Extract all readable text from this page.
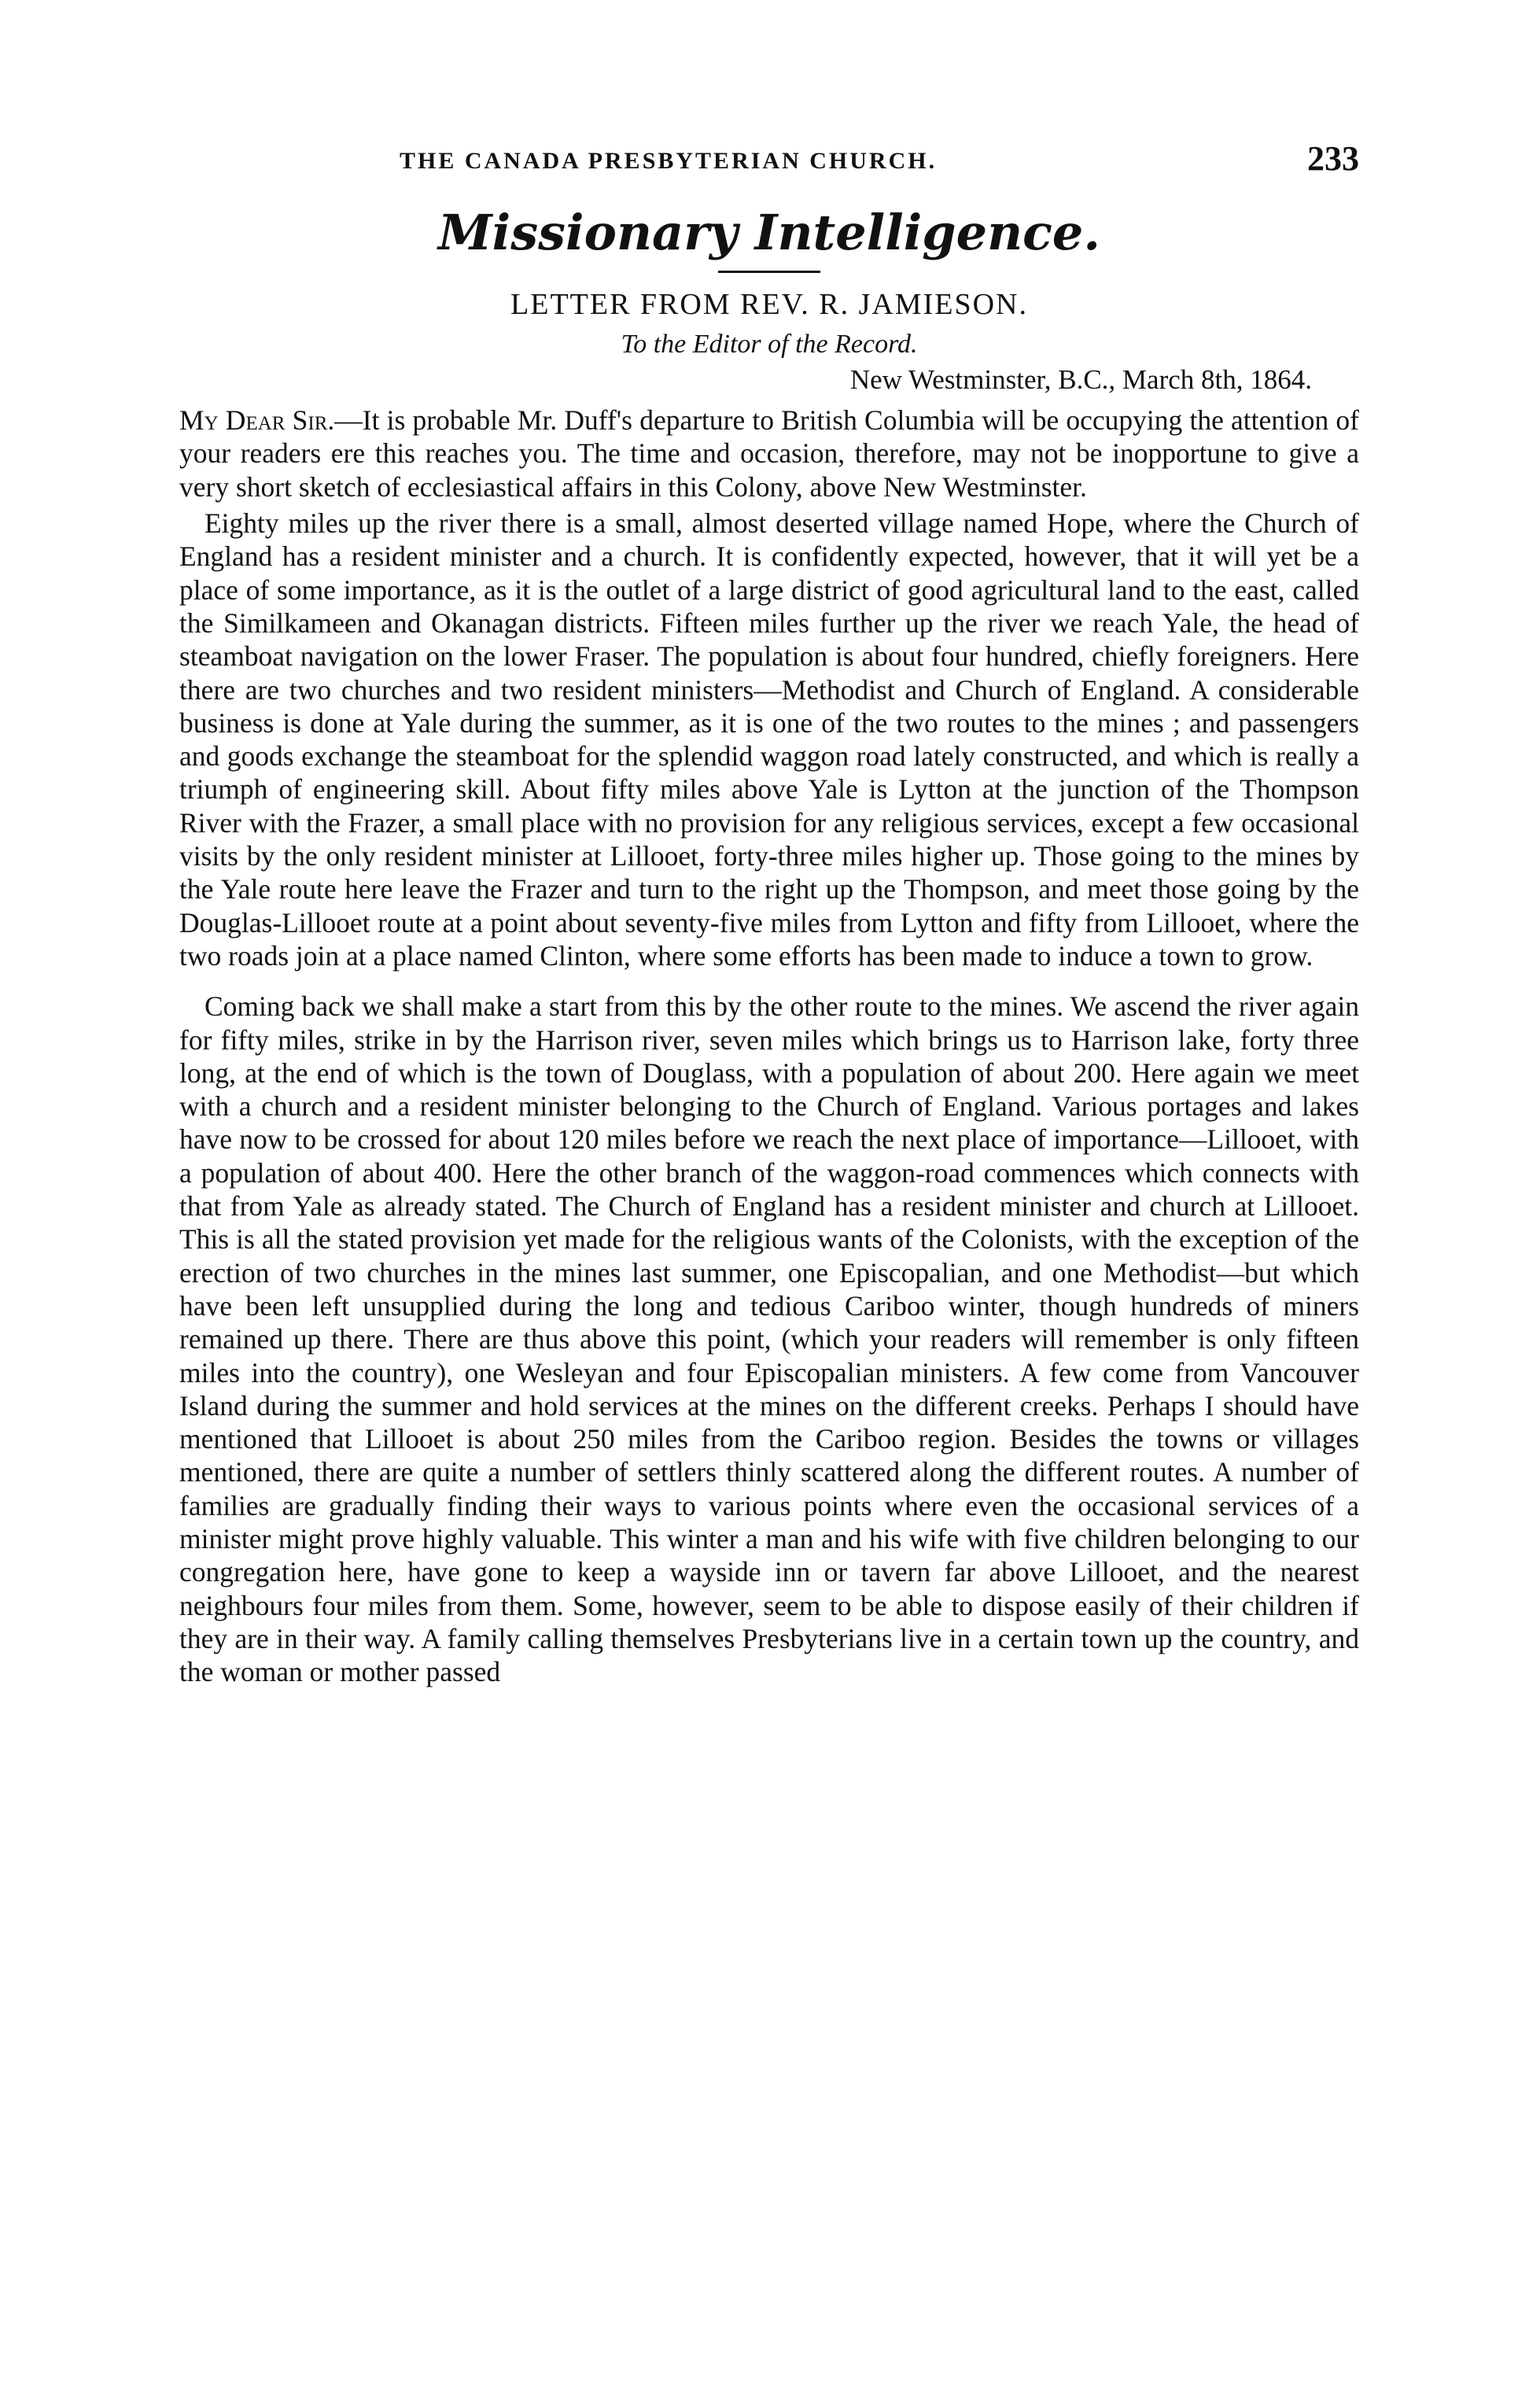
THE CANADA PRESBYTERIAN CHURCH.	233
Missionary Intelligence.
LETTER FROM REV. R. JAMIESON.
To the Editor of the Record.
New Westminster, B.C., March 8th, 1864.

My Dear Sir.—It is probable Mr. Duff's departure to British Columbia will be occupying the attention of your readers ere this reaches you. The time and occasion, therefore, may not be inopportune to give a very short sketch of ecclesiastical affairs in this Colony, above New Westminster.

Eighty miles up the river there is a small, almost deserted village named Hope, where the Church of England has a resident minister and a church. It is confidently expected, however, that it will yet be a place of some importance, as it is the outlet of a large district of good agricultural land to the east, called the Similkameen and Okanagan districts. Fifteen miles further up the river we reach Yale, the head of steamboat navigation on the lower Fraser. The population is about four hundred, chiefly foreigners. Here there are two churches and two resident ministers—Methodist and Church of England. A considerable business is done at Yale during the summer, as it is one of the two routes to the mines ; and passengers and goods exchange the steamboat for the splendid waggon road lately constructed, and which is really a triumph of engineering skill. About fifty miles above Yale is Lytton at the junction of the Thompson River with the Frazer, a small place with no provision for any religious services, except a few occasional visits by the only resident minister at Lillooet, forty-three miles higher up. Those going to the mines by the Yale route here leave the Frazer and turn to the right up the Thompson, and meet those going by the Douglas-Lillooet route at a point about seventy-five miles from Lytton and fifty from Lillooet, where the two roads join at a place named Clinton, where some efforts has been made to induce a town to grow.

Coming back we shall make a start from this by the other route to the mines. We ascend the river again for fifty miles, strike in by the Harrison river, seven miles which brings us to Harrison lake, forty three long, at the end of which is the town of Douglass, with a population of about 200. Here again we meet with a church and a resident minister belonging to the Church of England. Various portages and lakes have now to be crossed for about 120 miles before we reach the next place of importance—Lillooet, with a population of about 400. Here the other branch of the waggon-road commences which connects with that from Yale as already stated. The Church of England has a resident minister and church at Lillooet. This is all the stated provision yet made for the religious wants of the Colonists, with the exception of the erection of two churches in the mines last summer, one Episcopalian, and one Methodist—but which have been left unsupplied during the long and tedious Cariboo winter, though hundreds of miners remained up there. There are thus above this point, (which your readers will remember is only fifteen miles into the country), one Wesleyan and four Episcopalian ministers. A few come from Vancouver Island during the summer and hold services at the mines on the different creeks. Perhaps I should have mentioned that Lillooet is about 250 miles from the Cariboo region. Besides the towns or villages mentioned, there are quite a number of settlers thinly scattered along the different routes. A number of families are gradually finding their ways to various points where even the occasional services of a minister might prove highly valuable. This winter a man and his wife with five children belonging to our congregation here, have gone to keep a wayside inn or tavern far above Lillooet, and the nearest neighbours four miles from them. Some, however, seem to be able to dispose easily of their children if they are in their way. A family calling themselves Presbyterians live in a certain town up the country, and the woman or mother passed
